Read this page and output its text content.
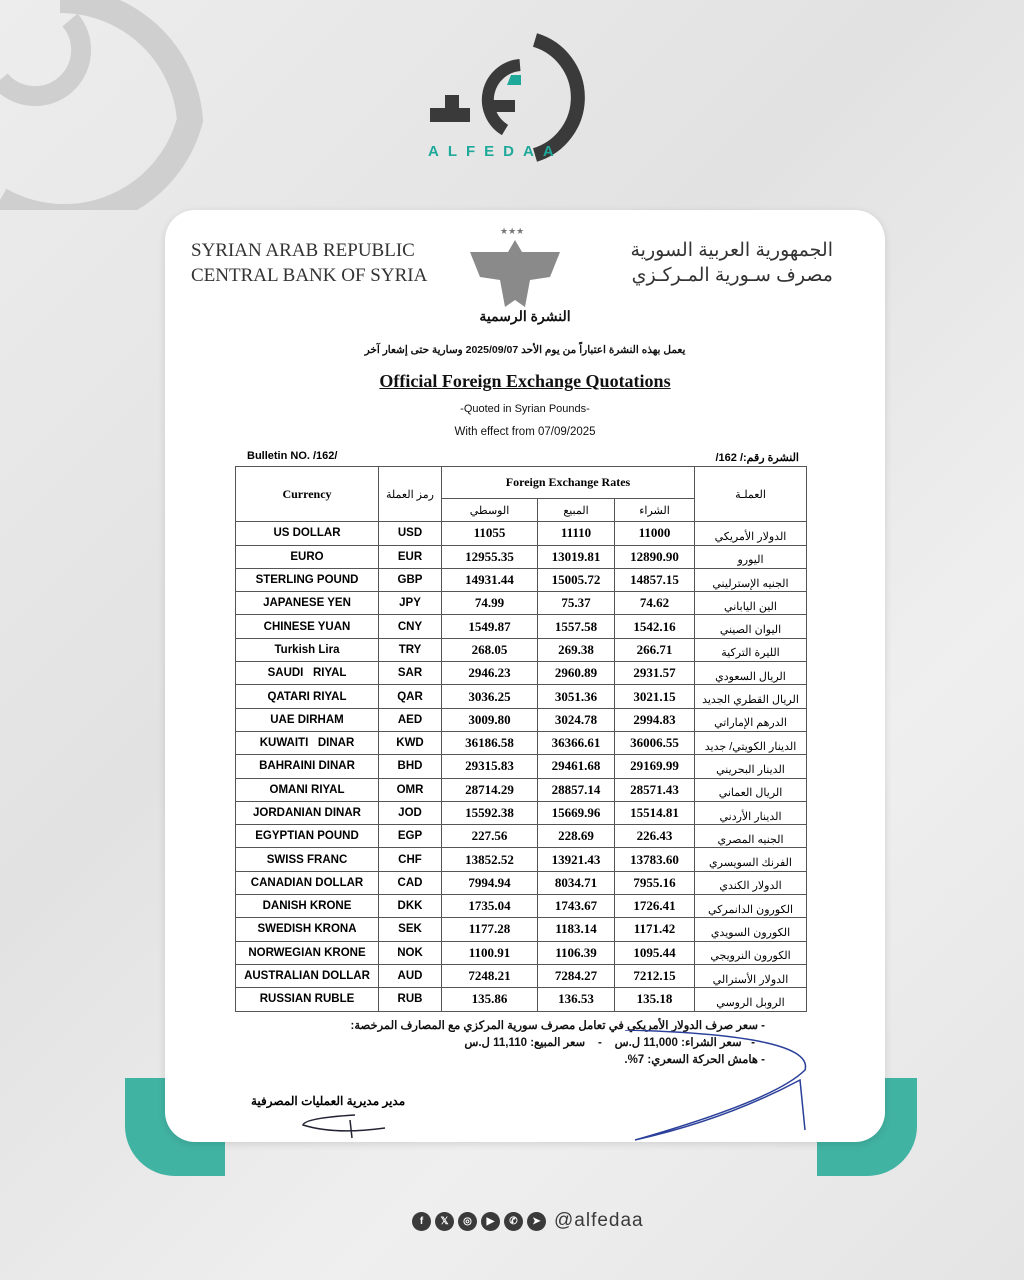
ALFEDAA
SYRIAN ARAB REPUBLIC
CENTRAL BANK OF SYRIA
★★★
الجمهورية العربية السورية
مصرف سـورية المـركـزي
النشرة الرسمية
يعمل بهذه النشرة اعتباراً من يوم الأحد 2025/09/07 وسارية حتى إشعار آخر
Official Foreign Exchange Quotations
-Quoted in Syrian Pounds-
With effect from 07/09/2025
Bulletin NO. /162/	النشرة رقم:/ 162/
Currency	رمز العملة	Foreign Exchange Rates			العملـة
		الوسطي	المبيع	الشراء	
US DOLLAR	USD	11055	11110	11000	الدولار الأمريكي
EURO	EUR	12955.35	13019.81	12890.90	اليورو
STERLING POUND	GBP	14931.44	15005.72	14857.15	الجنيه الإسترليني
JAPANESE YEN	JPY	74.99	75.37	74.62	الين الياباني
CHINESE YUAN	CNY	1549.87	1557.58	1542.16	اليوان الصيني
Turkish Lira	TRY	268.05	269.38	266.71	الليرة التركية
SAUDI   RIYAL	SAR	2946.23	2960.89	2931.57	الريال السعودي
QATARI RIYAL	QAR	3036.25	3051.36	3021.15	الريال القطري الجديد
UAE DIRHAM	AED	3009.80	3024.78	2994.83	الدرهم الإماراتي
KUWAITI   DINAR	KWD	36186.58	36366.61	36006.55	الدينار الكويتي/ جديد
BAHRAINI DINAR	BHD	29315.83	29461.68	29169.99	الدينار البحريني
OMANI RIYAL	OMR	28714.29	28857.14	28571.43	الريال العماني
JORDANIAN DINAR	JOD	15592.38	15669.96	15514.81	الدينار الأردني
EGYPTIAN POUND	EGP	227.56	228.69	226.43	الجنيه المصري
SWISS FRANC	CHF	13852.52	13921.43	13783.60	الفرنك السويسري
CANADIAN DOLLAR	CAD	7994.94	8034.71	7955.16	الدولار الكندي
DANISH KRONE	DKK	1735.04	1743.67	1726.41	الكورون الدانمركي
SWEDISH KRONA	SEK	1177.28	1183.14	1171.42	الكورون السويدي
NORWEGIAN KRONE	NOK	1100.91	1106.39	1095.44	الكورون النرويجي
AUSTRALIAN DOLLAR	AUD	7248.21	7284.27	7212.15	الدولار الأسترالي
RUSSIAN RUBLE	RUB	135.86	136.53	135.18	الروبل الروسي
- سعر صرف الدولار الأمريكي في تعامل مصرف سورية المركزي مع المصارف المرخصة:
-   سعر الشراء: 11,000 ل.س    -    سعر المبيع: 11,110 ل.س
- هامش الحركة السعري: 7%.
مدير مديرية العمليات المصرفية
f	𝕏	◎	▶	✆	➤ @alfedaa
